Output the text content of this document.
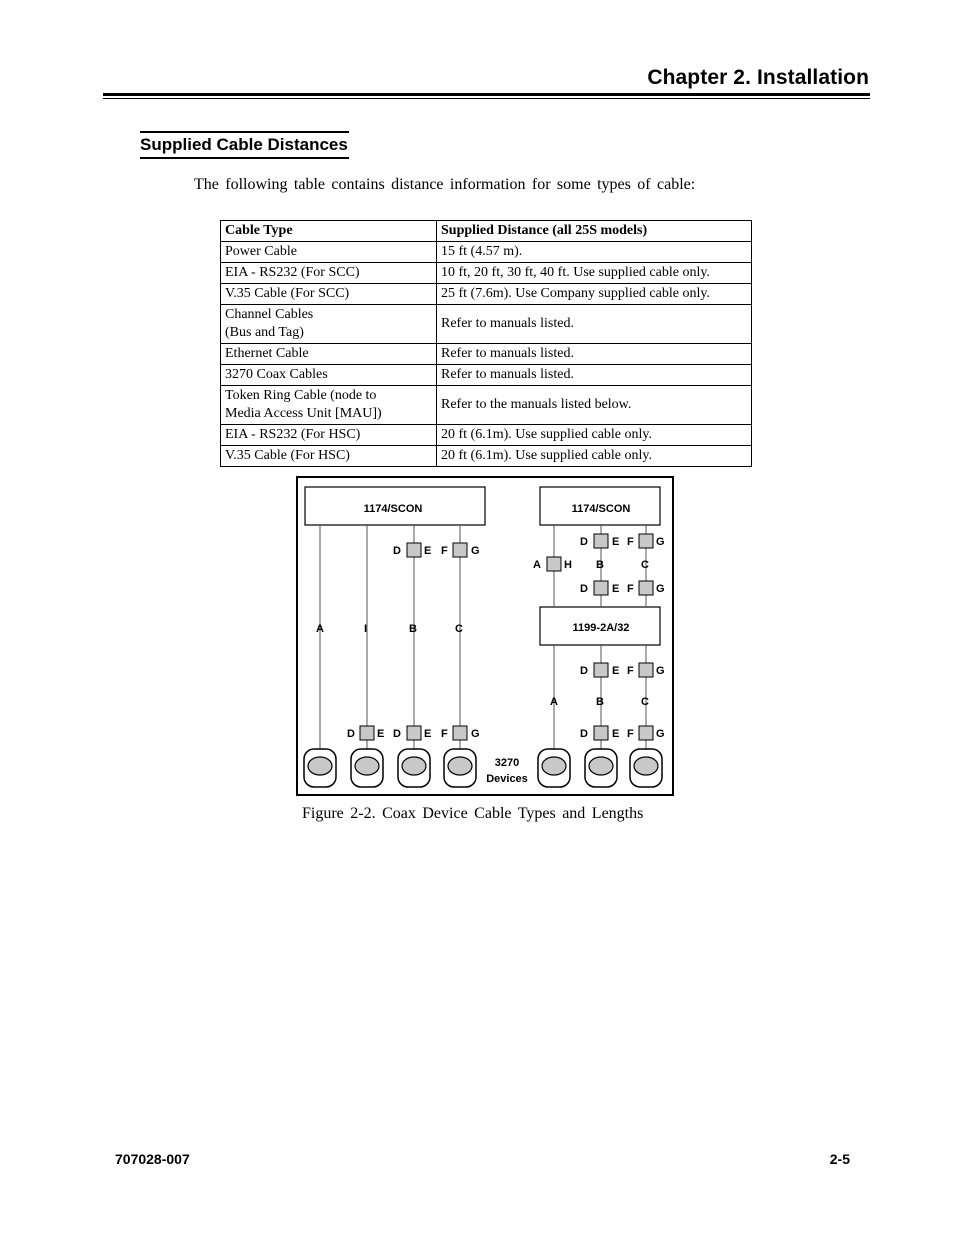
Chapter 2. Installation
Supplied Cable Distances

The following table contains distance information for some types of cable:

Cable Type	Supplied Distance (all 25S models)
Power Cable	15 ft (4.57 m).
EIA - RS232 (For SCC)	10 ft, 20 ft, 30 ft, 40 ft. Use supplied cable only.
V.35 Cable (For SCC)	25 ft (7.6m). Use Company supplied cable only.
Channel Cables
(Bus and Tag)	Refer to manuals listed.
Ethernet Cable	Refer to manuals listed.
3270 Coax Cables	Refer to manuals listed.
Token Ring Cable (node to
Media Access Unit [MAU])	Refer to the manuals listed below.
EIA - RS232 (For HSC)	20 ft (6.1m). Use supplied cable only.
V.35 Cable (For HSC)	20 ft (6.1m). Use supplied cable only.
1174/SCON	1174/SCON
1199-2A/32
D E F G
A	I	B	C
D E D E F G
D E F G
A H B	C
D E F G
D E F G
A	B	C
D E F G
3270
Devices

Figure 2-2. Coax Device Cable Types and Lengths

707028-007	2-5
